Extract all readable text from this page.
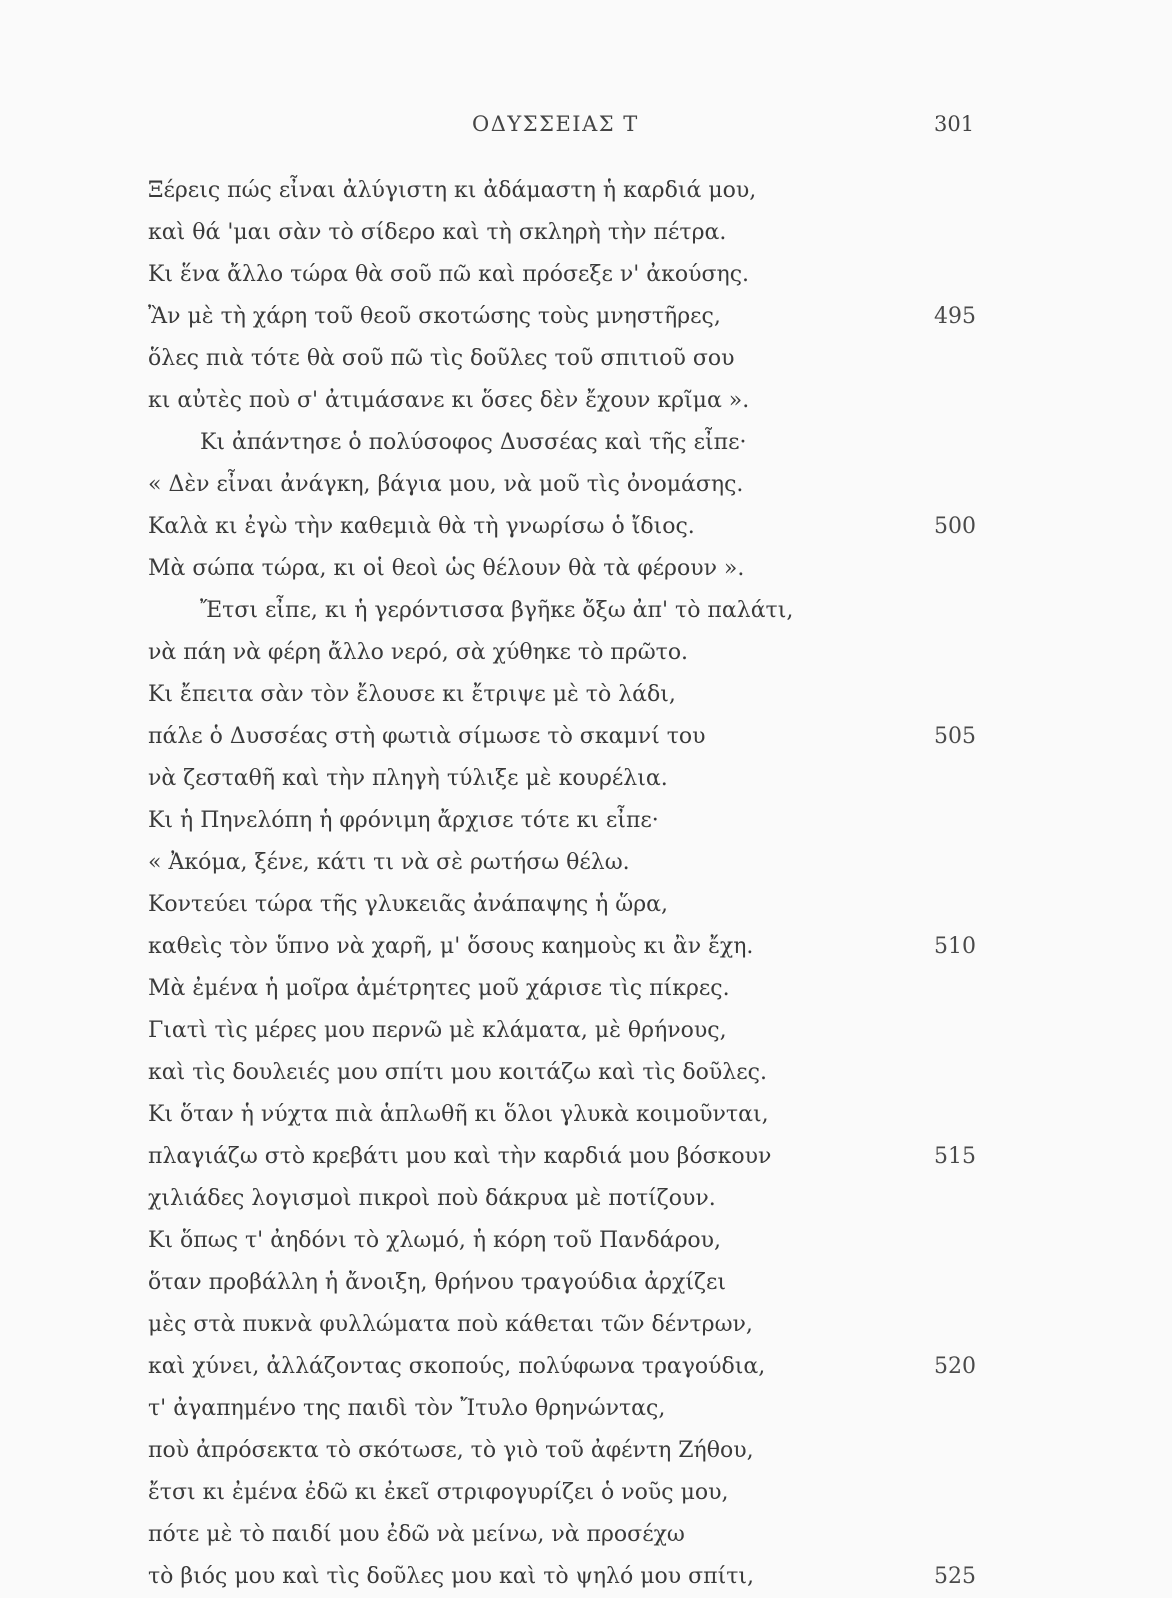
ΟΔΥΣΣΕΙΑΣ Τ	301
Ξέρεις πώς εἶναι ἀλύγιστη κι ἀδάμαστη ἡ καρδιά μου,
καὶ θά 'μαι σὰν τὸ σίδερο καὶ τὴ σκληρὴ τὴν πέτρα.
Κι ἕνα ἄλλο τώρα θὰ σοῦ πῶ καὶ πρόσεξε ν' ἀκούσης.
Ἂν μὲ τὴ χάρη τοῦ θεοῦ σκοτώσης τοὺς μνηστῆρες,	495
ὅλες πιὰ τότε θὰ σοῦ πῶ τὶς δοῦλες τοῦ σπιτιοῦ σου
κι αὐτὲς ποὺ σ' ἀτιμάσανε κι ὅσες δὲν ἔχουν κρῖμα ».
Κι ἀπάντησε ὁ πολύσοφος Δυσσέας καὶ τῆς εἶπε·
« Δὲν εἶναι ἀνάγκη, βάγια μου, νὰ μοῦ τὶς ὀνομάσης.
Καλὰ κι ἐγὼ τὴν καθεμιὰ θὰ τὴ γνωρίσω ὁ ἴδιος.	500
Μὰ σώπα τώρα, κι οἱ θεοὶ ὡς θέλουν θὰ τὰ φέρουν ».
Ἔτσι εἶπε, κι ἡ γερόντισσα βγῆκε ὄξω ἀπ' τὸ παλάτι,
νὰ πάη νὰ φέρη ἄλλο νερό, σὰ χύθηκε τὸ πρῶτο.
Κι ἔπειτα σὰν τὸν ἔλουσε κι ἔτριψε μὲ τὸ λάδι,
πάλε ὁ Δυσσέας στὴ φωτιὰ σίμωσε τὸ σκαμνί του	505
νὰ ζεσταθῆ καὶ τὴν πληγὴ τύλιξε μὲ κουρέλια.
Κι ἡ Πηνελόπη ἡ φρόνιμη ἄρχισε τότε κι εἶπε·
« Ἀκόμα, ξένε, κάτι τι νὰ σὲ ρωτήσω θέλω.
Κοντεύει τώρα τῆς γλυκειᾶς ἀνάπαψης ἡ ὥρα,
καθεὶς τὸν ὕπνο νὰ χαρῆ, μ' ὅσους καημοὺς κι ἂν ἔχη.	510
Μὰ ἐμένα ἡ μοῖρα ἀμέτρητες μοῦ χάρισε τὶς πίκρες.
Γιατὶ τὶς μέρες μου περνῶ μὲ κλάματα, μὲ θρήνους,
καὶ τὶς δουλειές μου σπίτι μου κοιτάζω καὶ τὶς δοῦλες.
Κι ὅταν ἡ νύχτα πιὰ ἁπλωθῆ κι ὅλοι γλυκὰ κοιμοῦνται,
πλαγιάζω στὸ κρεβάτι μου καὶ τὴν καρδιά μου βόσκουν	515
χιλιάδες λογισμοὶ πικροὶ ποὺ δάκρυα μὲ ποτίζουν.
Κι ὅπως τ' ἀηδόνι τὸ χλωμό, ἡ κόρη τοῦ Πανδάρου,
ὅταν προβάλλη ἡ ἄνοιξη, θρήνου τραγούδια ἀρχίζει
μὲς στὰ πυκνὰ φυλλώματα ποὺ κάθεται τῶν δέντρων,
καὶ χύνει, ἀλλάζοντας σκοπούς, πολύφωνα τραγούδια,	520
τ' ἀγαπημένο της παιδὶ τὸν Ἴτυλο θρηνώντας,
ποὺ ἀπρόσεκτα τὸ σκότωσε, τὸ γιὸ τοῦ ἀφέντη Ζήθου,
ἔτσι κι ἐμένα ἐδῶ κι ἐκεῖ στριφογυρίζει ὁ νοῦς μου,
πότε μὲ τὸ παιδί μου ἐδῶ νὰ μείνω, νὰ προσέχω
τὸ βιός μου καὶ τὶς δοῦλες μου καὶ τὸ ψηλό μου σπίτι,	525
